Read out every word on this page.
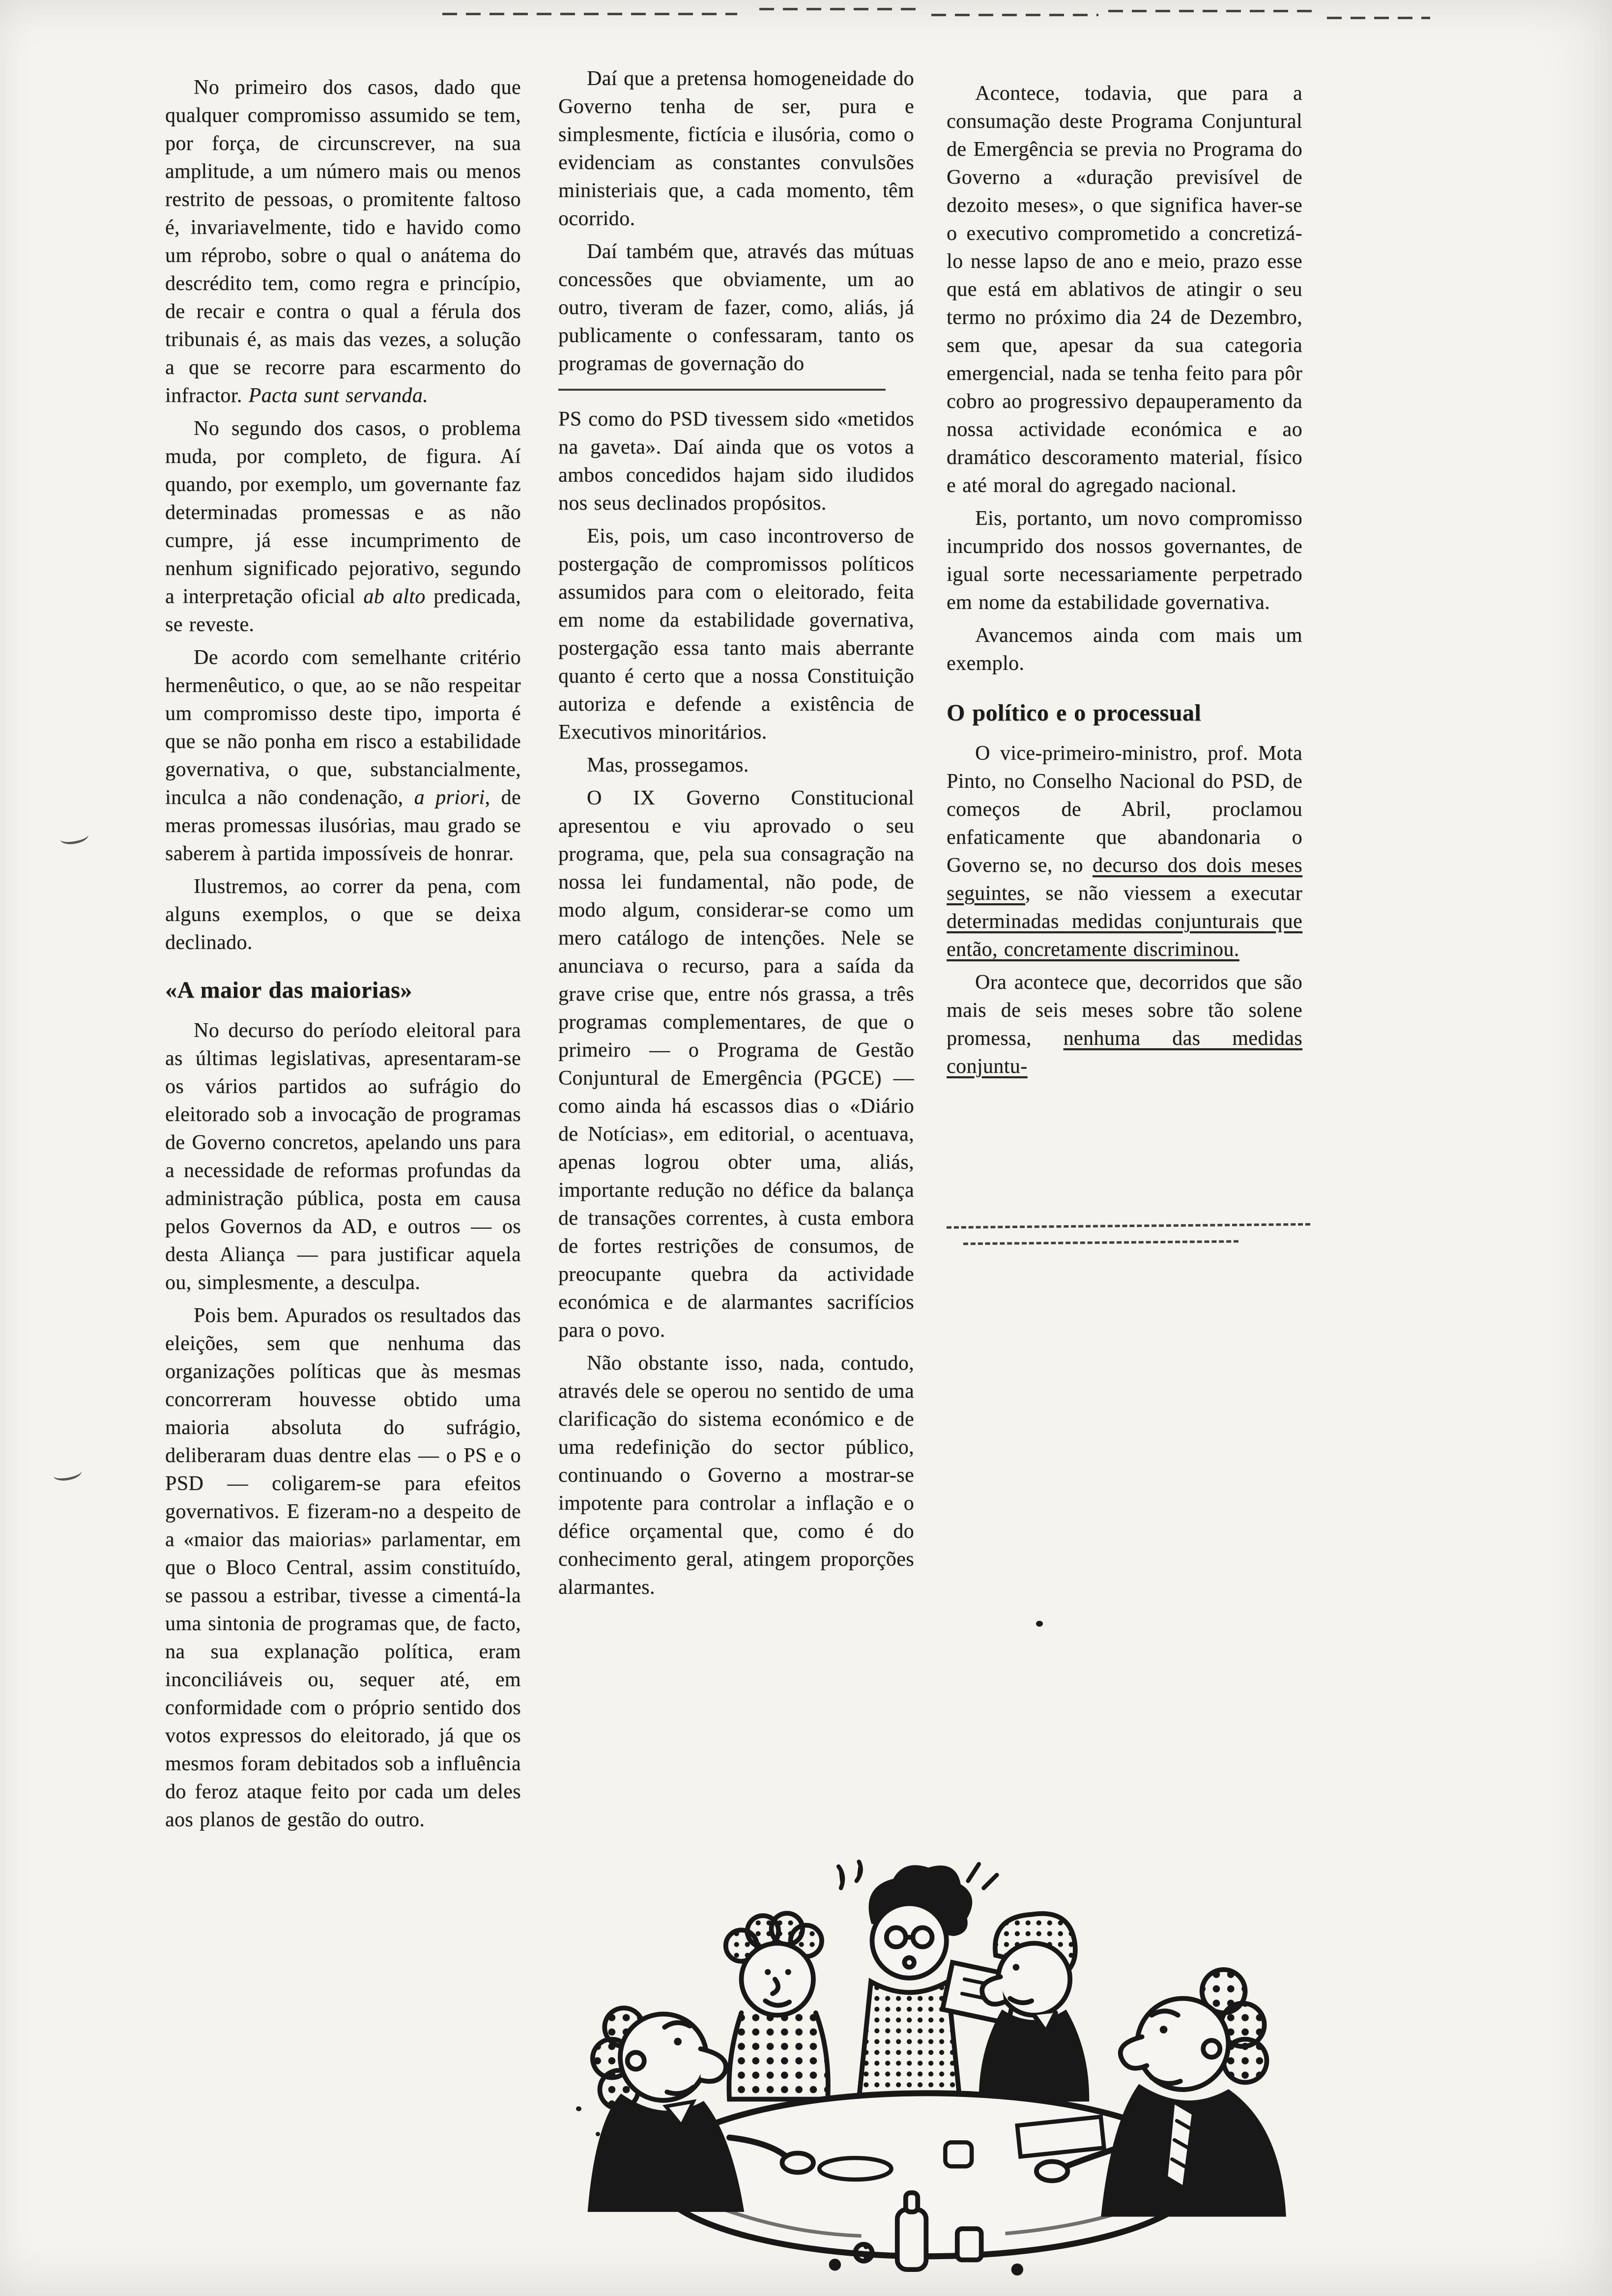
No primeiro dos casos, dado que qualquer compromisso assumido se tem, por força, de circunscrever, na sua amplitude, a um número mais ou menos restrito de pessoas, o promitente faltoso é, invariavelmente, tido e havido como um réprobo, sobre o qual o anátema do descrédito tem, como regra e princípio, de recair e contra o qual a férula dos tribunais é, as mais das vezes, a solução a que se recorre para escarmento do infractor. Pacta sunt servanda.

No segundo dos casos, o problema muda, por completo, de figura. Aí quando, por exemplo, um governante faz determinadas promessas e as não cumpre, já esse incumprimento de nenhum significado pejorativo, segundo a interpretação oficial ab alto predicada, se reveste.

De acordo com semelhante critério hermenêutico, o que, ao se não respeitar um compromisso deste tipo, importa é que se não ponha em risco a estabilidade governativa, o que, substancialmente, inculca a não condenação, a priori, de meras promessas ilusórias, mau grado se saberem à partida impossíveis de honrar.

Ilustremos, ao correr da pena, com alguns exemplos, o que se deixa declinado.

«A maior das maiorias»

No decurso do período eleitoral para as últimas legislativas, apresentaram-se os vários partidos ao sufrágio do eleitorado sob a invocação de programas de Governo concretos, apelando uns para a necessidade de reformas profundas da administração pública, posta em causa pelos Governos da AD, e outros — os desta Aliança — para justificar aquela ou, simplesmente, a desculpa.

Pois bem. Apurados os resultados das eleições, sem que nenhuma das organizações políticas que às mesmas concorreram houvesse obtido uma maioria absoluta do sufrágio, deliberaram duas dentre elas — o PS e o PSD — coligarem-se para efeitos governativos. E fizeram-no a despeito de a «maior das maiorias» parlamentar, em que o Bloco Central, assim constituído, se passou a estribar, tivesse a cimentá-la uma sintonia de programas que, de facto, na sua explanação política, eram inconciliáveis ou, sequer até, em conformidade com o próprio sentido dos votos expressos do eleitorado, já que os mesmos foram debitados sob a influência do feroz ataque feito por cada um deles aos planos de gestão do outro.

Daí que a pretensa homogeneidade do Governo tenha de ser, pura e simplesmente, fictícia e ilusória, como o evidenciam as constantes convulsões ministeriais que, a cada momento, têm ocorrido.

Daí também que, através das mútuas concessões que obviamente, um ao outro, tiveram de fazer, como, aliás, já publicamente o confessaram, tanto os programas de governação do

PS como do PSD tivessem sido «metidos na gaveta». Daí ainda que os votos a ambos concedidos hajam sido iludidos nos seus declinados propósitos.

Eis, pois, um caso incontroverso de postergação de compromissos políticos assumidos para com o eleitorado, feita em nome da estabilidade governativa, postergação essa tanto mais aberrante quanto é certo que a nossa Constituição autoriza e defende a existência de Executivos minoritários.

Mas, prossegamos.

O IX Governo Constitucional apresentou e viu aprovado o seu programa, que, pela sua consagração na nossa lei fundamental, não pode, de modo algum, considerar-se como um mero catálogo de intenções. Nele se anunciava o recurso, para a saída da grave crise que, entre nós grassa, a três programas complementares, de que o primeiro — o Programa de Gestão Conjuntural de Emergência (PGCE) — como ainda há escassos dias o «Diário de Notícias», em editorial, o acentuava, apenas logrou obter uma, aliás, importante redução no défice da balança de transações correntes, à custa embora de fortes restrições de consumos, de preocupante quebra da actividade económica e de alarmantes sacrifícios para o povo.

Não obstante isso, nada, contudo, através dele se operou no sentido de uma clarificação do sistema económico e de uma redefinição do sector público, continuando o Governo a mostrar-se impotente para controlar a inflação e o défice orçamental que, como é do conhecimento geral, atingem proporções alarmantes.

Acontece, todavia, que para a consumação deste Programa Conjuntural de Emergência se previa no Programa do Governo a «duração previsível de dezoito meses», o que significa haver-se o executivo comprometido a concretizá-lo nesse lapso de ano e meio, prazo esse que está em ablativos de atingir o seu termo no próximo dia 24 de Dezembro, sem que, apesar da sua categoria emergencial, nada se tenha feito para pôr cobro ao progressivo depauperamento da nossa actividade económica e ao dramático descoramento material, físico e até moral do agregado nacional.

Eis, portanto, um novo compromisso incumprido dos nossos governantes, de igual sorte necessariamente perpetrado em nome da estabilidade governativa.

Avancemos ainda com mais um exemplo.

O político e o processual

O vice-primeiro-ministro, prof. Mota Pinto, no Conselho Nacional do PSD, de começos de Abril, proclamou enfaticamente que abandonaria o Governo se, no decurso dos dois meses seguintes, se não viessem a executar determinadas medidas conjunturais que então, concretamente discriminou.

Ora acontece que, decorridos que são mais de seis meses sobre tão solene promessa, nenhuma das medidas conjuntu-
